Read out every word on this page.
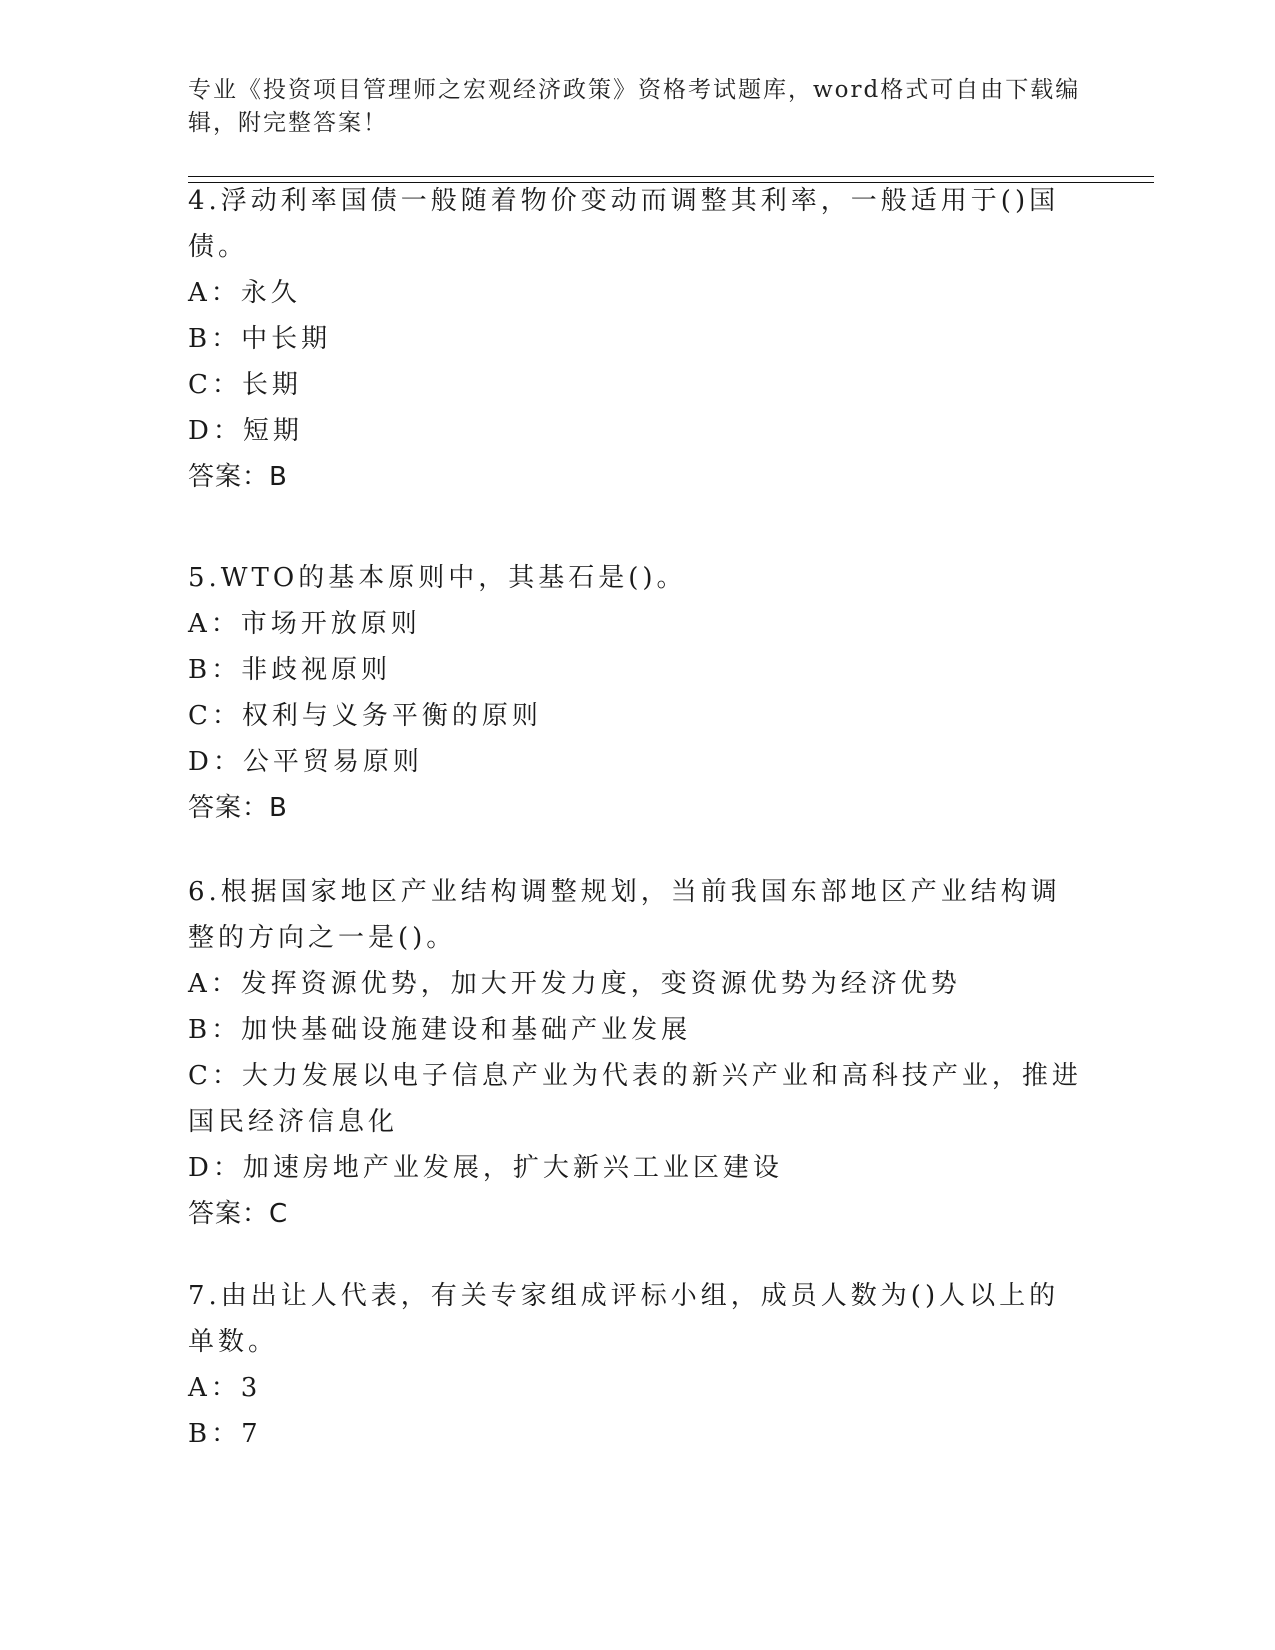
专业《投资项目管理师之宏观经济政策》资格考试题库，word格式可自由下载编辑，附完整答案！

4.浮动利率国债一般随着物价变动而调整其利率，一般适用于()国债。

A：永久

B：中长期

C：长期

D：短期

答案：B

5.WTO的基本原则中，其基石是()。

A：市场开放原则

B：非歧视原则

C：权利与义务平衡的原则

D：公平贸易原则

答案：B

6.根据国家地区产业结构调整规划，当前我国东部地区产业结构调整的方向之一是()。

A：发挥资源优势，加大开发力度，变资源优势为经济优势

B：加快基础设施建设和基础产业发展

C：大力发展以电子信息产业为代表的新兴产业和高科技产业，推进国民经济信息化

D：加速房地产业发展，扩大新兴工业区建设

答案：C

7.由出让人代表，有关专家组成评标小组，成员人数为()人以上的单数。

A：3

B：7
